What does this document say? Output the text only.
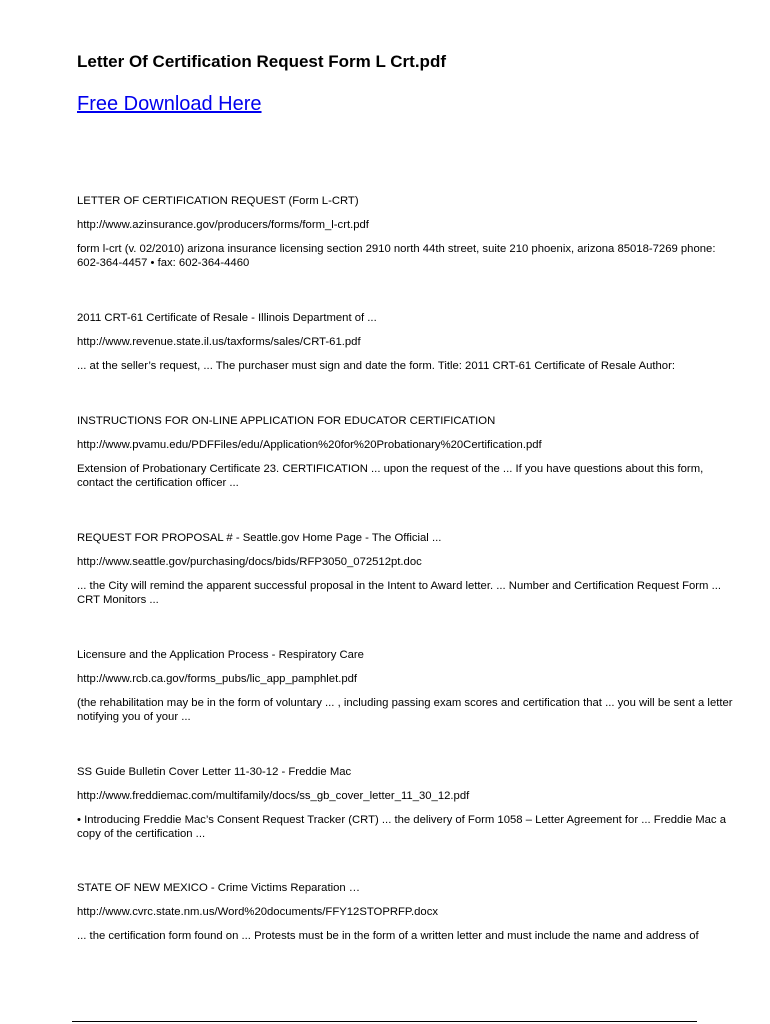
Letter Of Certification Request Form L Crt.pdf
Free Download Here
LETTER OF CERTIFICATION REQUEST (Form L-CRT)
http://www.azinsurance.gov/producers/forms/form_l-crt.pdf
form l-crt (v. 02/2010) arizona insurance licensing section 2910 north 44th street, suite 210 phoenix, arizona 85018-7269 phone: 602-364-4457 • fax: 602-364-4460
2011 CRT-61 Certificate of Resale - Illinois Department of ...
http://www.revenue.state.il.us/taxforms/sales/CRT-61.pdf
... at the seller’s request, ... The purchaser must sign and date the form. Title: 2011 CRT-61 Certificate of Resale Author:
INSTRUCTIONS FOR ON-LINE APPLICATION FOR EDUCATOR CERTIFICATION
http://www.pvamu.edu/PDFFiles/edu/Application%20for%20Probationary%20Certification.pdf
Extension of Probationary Certificate 23. CERTIFICATION ... upon the request of the ... If you have questions about this form, contact the certification officer ...
REQUEST FOR PROPOSAL # - Seattle.gov Home Page - The Official ...
http://www.seattle.gov/purchasing/docs/bids/RFP3050_072512pt.doc
... the City will remind the apparent successful proposal in the Intent to Award letter. ... Number and Certification Request Form ... CRT Monitors ...
Licensure and the Application Process - Respiratory Care
http://www.rcb.ca.gov/forms_pubs/lic_app_pamphlet.pdf
(the rehabilitation may be in the form of voluntary ... , including passing exam scores and certification that ... you will be sent a letter notifying you of your ...
SS Guide Bulletin Cover Letter 11-30-12 - Freddie Mac
http://www.freddiemac.com/multifamily/docs/ss_gb_cover_letter_11_30_12.pdf
• Introducing Freddie Mac’s Consent Request Tracker (CRT) ... the delivery of Form 1058 – Letter Agreement for ... Freddie Mac a copy of the certification ...
STATE OF NEW MEXICO - Crime Victims Reparation …
http://www.cvrc.state.nm.us/Word%20documents/FFY12STOPRFP.docx
... the certification form found on ... Protests must be in the form of a written letter and must include the name and address of
